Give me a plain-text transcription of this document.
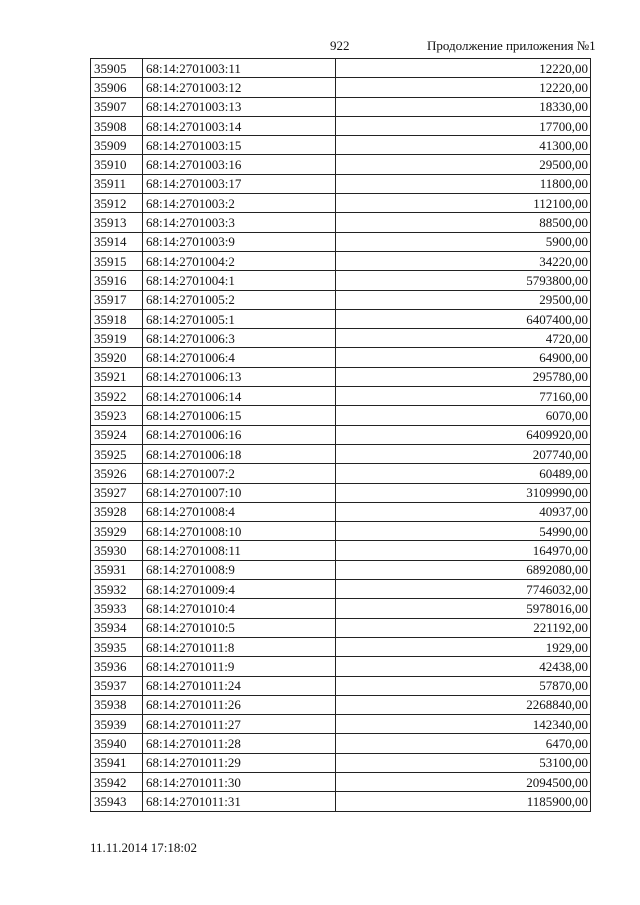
922	Продолжение приложения №1
35905	68:14:2701003:11	12220,00
35906	68:14:2701003:12	12220,00
35907	68:14:2701003:13	18330,00
35908	68:14:2701003:14	17700,00
35909	68:14:2701003:15	41300,00
35910	68:14:2701003:16	29500,00
35911	68:14:2701003:17	11800,00
35912	68:14:2701003:2	112100,00
35913	68:14:2701003:3	88500,00
35914	68:14:2701003:9	5900,00
35915	68:14:2701004:2	34220,00
35916	68:14:2701004:1	5793800,00
35917	68:14:2701005:2	29500,00
35918	68:14:2701005:1	6407400,00
35919	68:14:2701006:3	4720,00
35920	68:14:2701006:4	64900,00
35921	68:14:2701006:13	295780,00
35922	68:14:2701006:14	77160,00
35923	68:14:2701006:15	6070,00
35924	68:14:2701006:16	6409920,00
35925	68:14:2701006:18	207740,00
35926	68:14:2701007:2	60489,00
35927	68:14:2701007:10	3109990,00
35928	68:14:2701008:4	40937,00
35929	68:14:2701008:10	54990,00
35930	68:14:2701008:11	164970,00
35931	68:14:2701008:9	6892080,00
35932	68:14:2701009:4	7746032,00
35933	68:14:2701010:4	5978016,00
35934	68:14:2701010:5	221192,00
35935	68:14:2701011:8	1929,00
35936	68:14:2701011:9	42438,00
35937	68:14:2701011:24	57870,00
35938	68:14:2701011:26	2268840,00
35939	68:14:2701011:27	142340,00
35940	68:14:2701011:28	6470,00
35941	68:14:2701011:29	53100,00
35942	68:14:2701011:30	2094500,00
35943	68:14:2701011:31	1185900,00
11.11.2014 17:18:02
